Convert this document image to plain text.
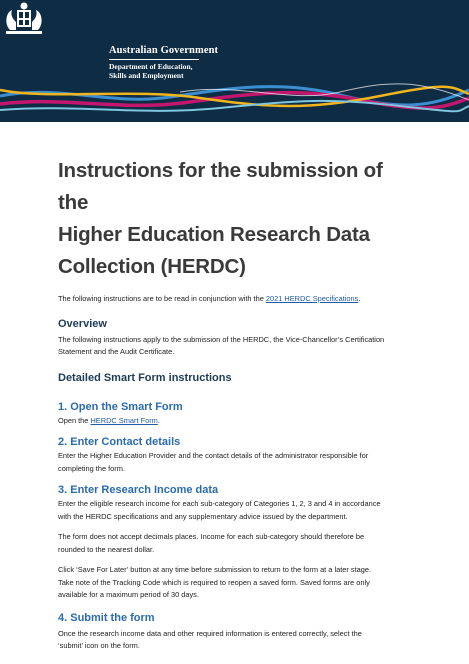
Australian Government
Department of Education,
Skills and Employment
Instructions for the submission of the
Higher Education Research Data
Collection (HERDC)

The following instructions are to be read in conjunction with the 2021 HERDC Specifications.

Overview

The following instructions apply to the submission of the HERDC, the Vice-Chancellor’s Certification
Statement and the Audit Certificate.

Detailed Smart Form instructions
1. Open the Smart Form

Open the HERDC Smart Form.

2. Enter Contact details

Enter the Higher Education Provider and the contact details of the administrator responsible for
completing the form.

3. Enter Research Income data

Enter the eligible research income for each sub-category of Categories 1, 2, 3 and 4 in accordance
with the HERDC specifications and any supplementary advice issued by the department.

The form does not accept decimals places. Income for each sub-category should therefore be
rounded to the nearest dollar.

Click ‘Save For Later’ button at any time before submission to return to the form at a later stage.
Take note of the Tracking Code which is required to reopen a saved form. Saved forms are only
available for a maximum period of 30 days.

4. Submit the form

Once the research income data and other required information is entered correctly, select the
‘submit’ icon on the form.
